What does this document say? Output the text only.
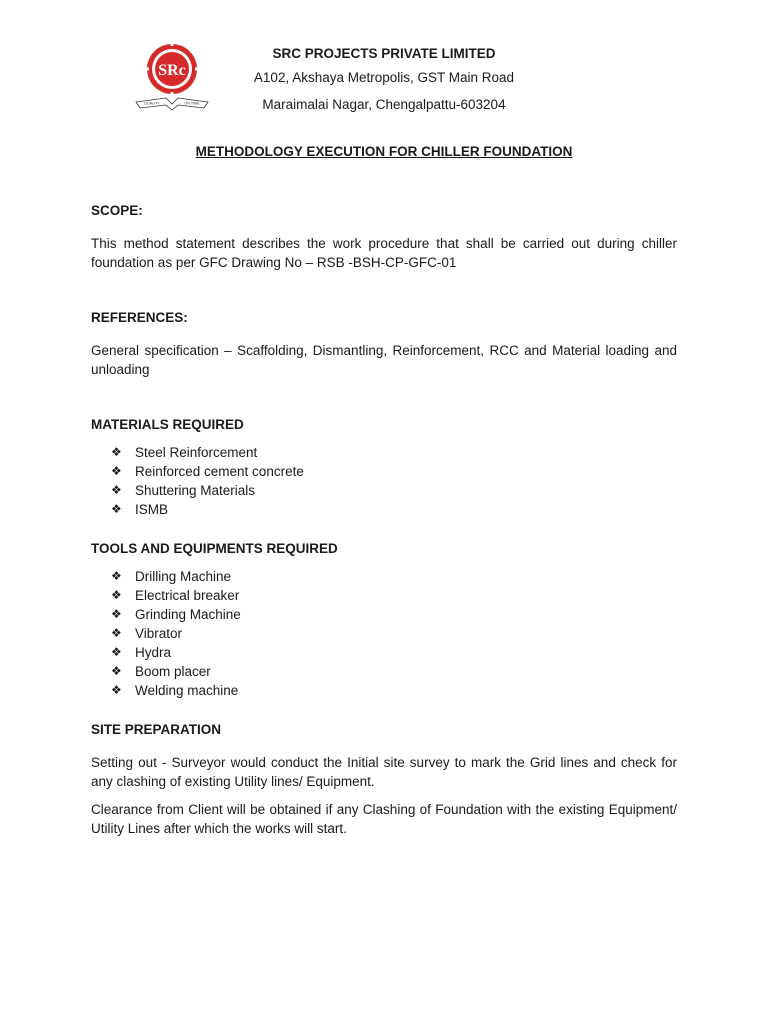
SRc
QUALITY	ON TIME
SRC PROJECTS PRIVATE LIMITED
A102, Akshaya Metropolis, GST Main Road
Maraimalai Nagar, Chengalpattu-603204
METHODOLOGY EXECUTION FOR CHILLER FOUNDATION
SCOPE:

This method statement describes the work procedure that shall be carried out during chiller foundation as per GFC Drawing No – RSB -BSH-CP-GFC-01

REFERENCES:

General specification – Scaffolding, Dismantling, Reinforcement, RCC and Material loading and unloading

MATERIALS REQUIRED
❖ Steel Reinforcement
❖ Reinforced cement concrete
❖ Shuttering Materials
❖ ISMB
TOOLS AND EQUIPMENTS REQUIRED
❖ Drilling Machine
❖ Electrical breaker
❖ Grinding Machine
❖ Vibrator
❖ Hydra
❖ Boom placer
❖ Welding machine
SITE PREPARATION

Setting out - Surveyor would conduct the Initial site survey to mark the Grid lines and check for any clashing of existing Utility lines/ Equipment.

Clearance from Client will be obtained if any Clashing of Foundation with the existing Equipment/ Utility Lines after which the works will start.
